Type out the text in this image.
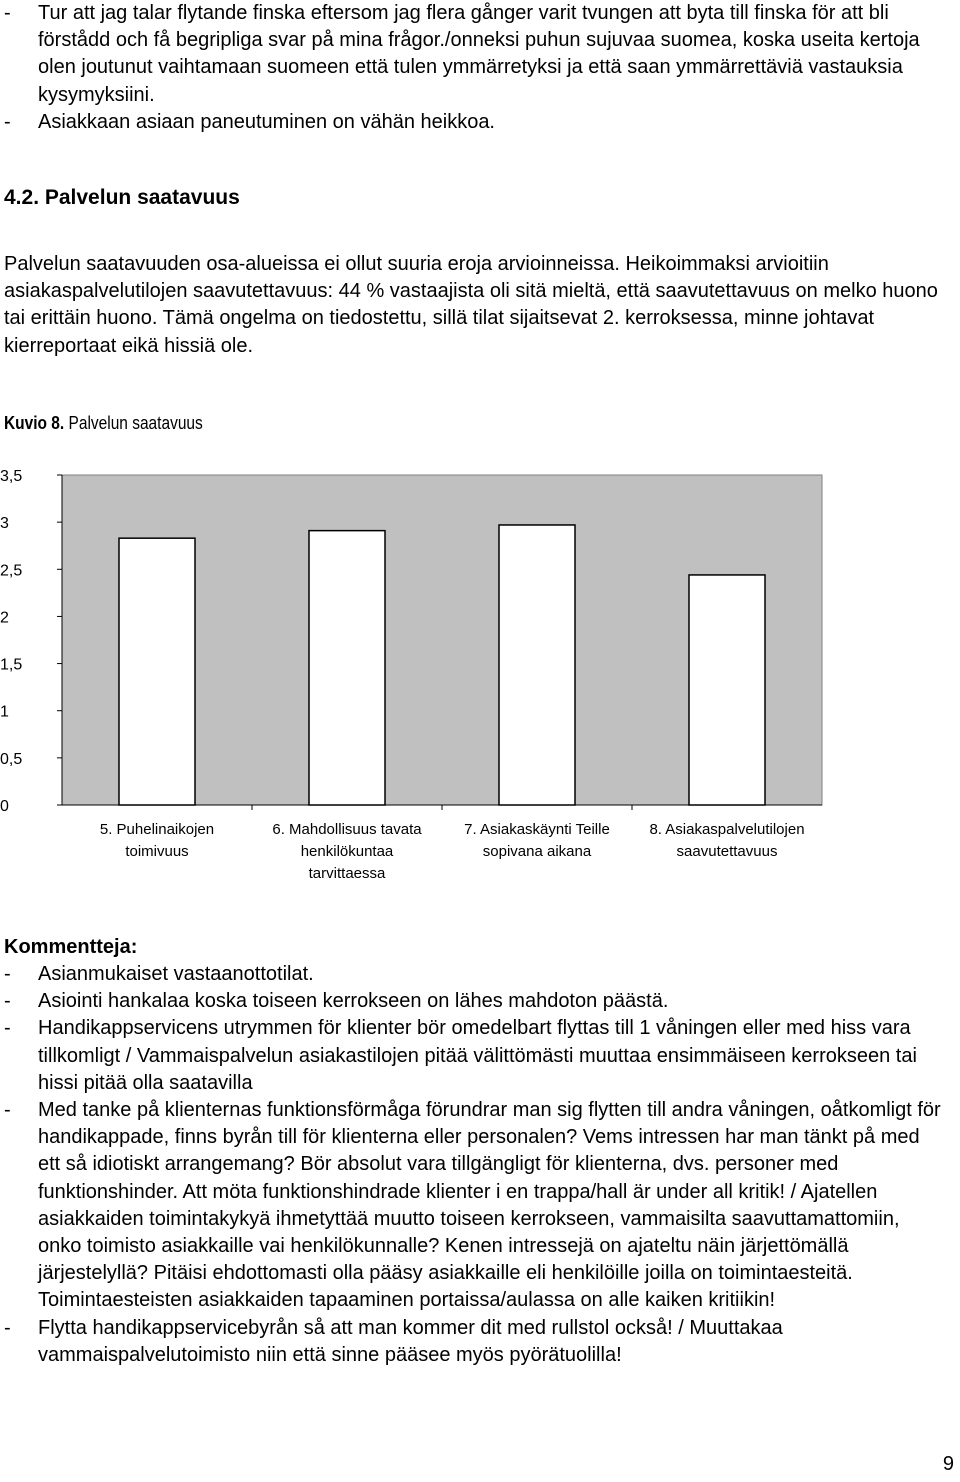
- Tur att jag talar flytande finska eftersom jag flera gånger varit tvungen att byta till finska för att bli förstådd och få begripliga svar på mina frågor./onneksi puhun sujuvaa suomea, koska useita kertoja olen joutunut vaihtamaan suomeen että tulen ymmärretyksi ja että saan ymmärrettäviä vastauksia kysymyksiini.
- Asiakkaan asiaan paneutuminen on vähän heikkoa.
4.2. Palvelun saatavuus
Palvelun saatavuuden osa-alueissa ei ollut suuria eroja arvioinneissa. Heikoimmaksi arvioitiin asiakaspalvelutilojen saavutettavuus: 44 % vastaajista oli sitä mieltä, että saavutettavuus on melko huono tai erittäin huono. Tämä ongelma on tiedostettu, sillä tilat sijaitsevat 2. kerroksessa, minne johtavat kierreportaat eikä hissiä ole.
Kuvio 8. Palvelun saatavuus
0
0,5
1
1,5
2
2,5
3
3,5
5. Puhelinaikojen toimivuus
6. Mahdollisuus tavata henkilökuntaa tarvittaessa
7. Asiakaskäynti Teille sopivana aikana
8. Asiakaspalvelutilojen saavutettavuus
Kommentteja:
- Asianmukaiset vastaanottotilat.
- Asiointi hankalaa koska toiseen kerrokseen on lähes mahdoton päästä.
- Handikappservicens utrymmen för klienter bör omedelbart flyttas till 1 våningen eller med hiss vara tillkomligt / Vammaispalvelun asiakastilojen pitää välittömästi muuttaa ensimmäiseen kerrokseen tai hissi pitää olla saatavilla
- Med tanke på klienternas funktionsförmåga förundrar man sig flytten till andra våningen, oåtkomligt för handikappade, finns byrån till för klienterna eller personalen? Vems intressen har man tänkt på med ett så idiotiskt arrangemang? Bör absolut vara tillgängligt för klienterna, dvs. personer med funktionshinder. Att möta funktionshindrade klienter i en trappa/hall är under all kritik! / Ajatellen asiakkaiden toimintakykyä ihmetyttää muutto toiseen kerrokseen, vammaisilta saavuttamattomiin, onko toimisto asiakkaille vai henkilökunnalle? Kenen intressejä on ajateltu näin järjettömällä järjestelyllä? Pitäisi ehdottomasti olla pääsy asiakkaille eli henkilöille joilla on toimintaesteitä. Toimintaesteisten asiakkaiden tapaaminen portaissa/aulassa on alle kaiken kritiikin!
- Flytta handikappservicebyrån så att man kommer dit med rullstol också! / Muuttakaa vammaispalvelutoimisto niin että sinne pääsee myös pyörätuolilla!
9
